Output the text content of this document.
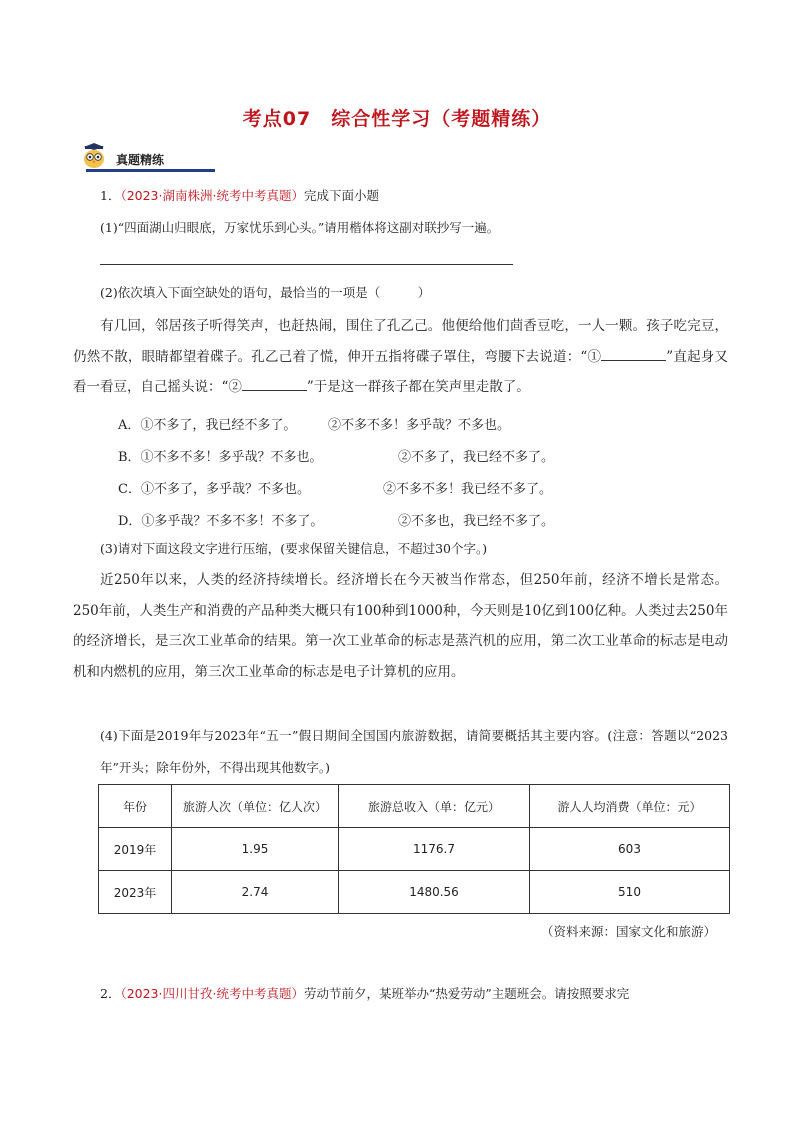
考点07　综合性学习（考题精练）
真题精练
1．（2023·湖南株洲·统考中考真题）完成下面小题
(1)“四面湖山归眼底，万家忧乐到心头。”请用楷体将这副对联抄写一遍。
(2)依次填入下面空缺处的语句，最恰当的一项是（　　　）
有几回，邻居孩子听得笑声，也赶热闹，围住了孔乙己。他便给他们茴香豆吃，一人一颗。孩子吃完豆，仍然不散，眼睛都望着碟子。孔乙己着了慌，伸开五指将碟子罩住，弯腰下去说道：“①	”直起身又看一看豆，自己摇头说：“②	”于是这一群孩子都在笑声里走散了。
A．①不多了，我已经不多了。 ②不多不多！多乎哉？不多也。
B．①不多不多！多乎哉？不多也。	②不多了，我已经不多了。
C．①不多了，多乎哉？不多也。	②不多不多！我已经不多了。
D．①多乎哉？不多不多！不多了。	②不多也，我已经不多了。
(3)请对下面这段文字进行压缩，(要求保留关键信息，不超过30个字。)
近250年以来，人类的经济持续增长。经济增长在今天被当作常态，但250年前，经济不增长是常态。250年前，人类生产和消费的产品种类大概只有100种到1000种，今天则是10亿到100亿种。人类过去250年的经济增长，是三次工业革命的结果。第一次工业革命的标志是蒸汽机的应用，第二次工业革命的标志是电动机和内燃机的应用，第三次工业革命的标志是电子计算机的应用。
(4)下面是2019年与2023年“五一”假日期间全国国内旅游数据，请简要概括其主要内容。(注意：答题以“2023年”开头；除年份外，不得出现其他数字。)
年份	旅游人次（单位：亿人次）	旅游总收入（单：亿元）	游人人均消费（单位：元）
2019年	1.95	1176.7	603
2023年	2.74	1480.56	510
（资料来源：国家文化和旅游）
2．（2023·四川甘孜·统考中考真题）劳动节前夕，某班举办“热爱劳动”主题班会。请按照要求完
